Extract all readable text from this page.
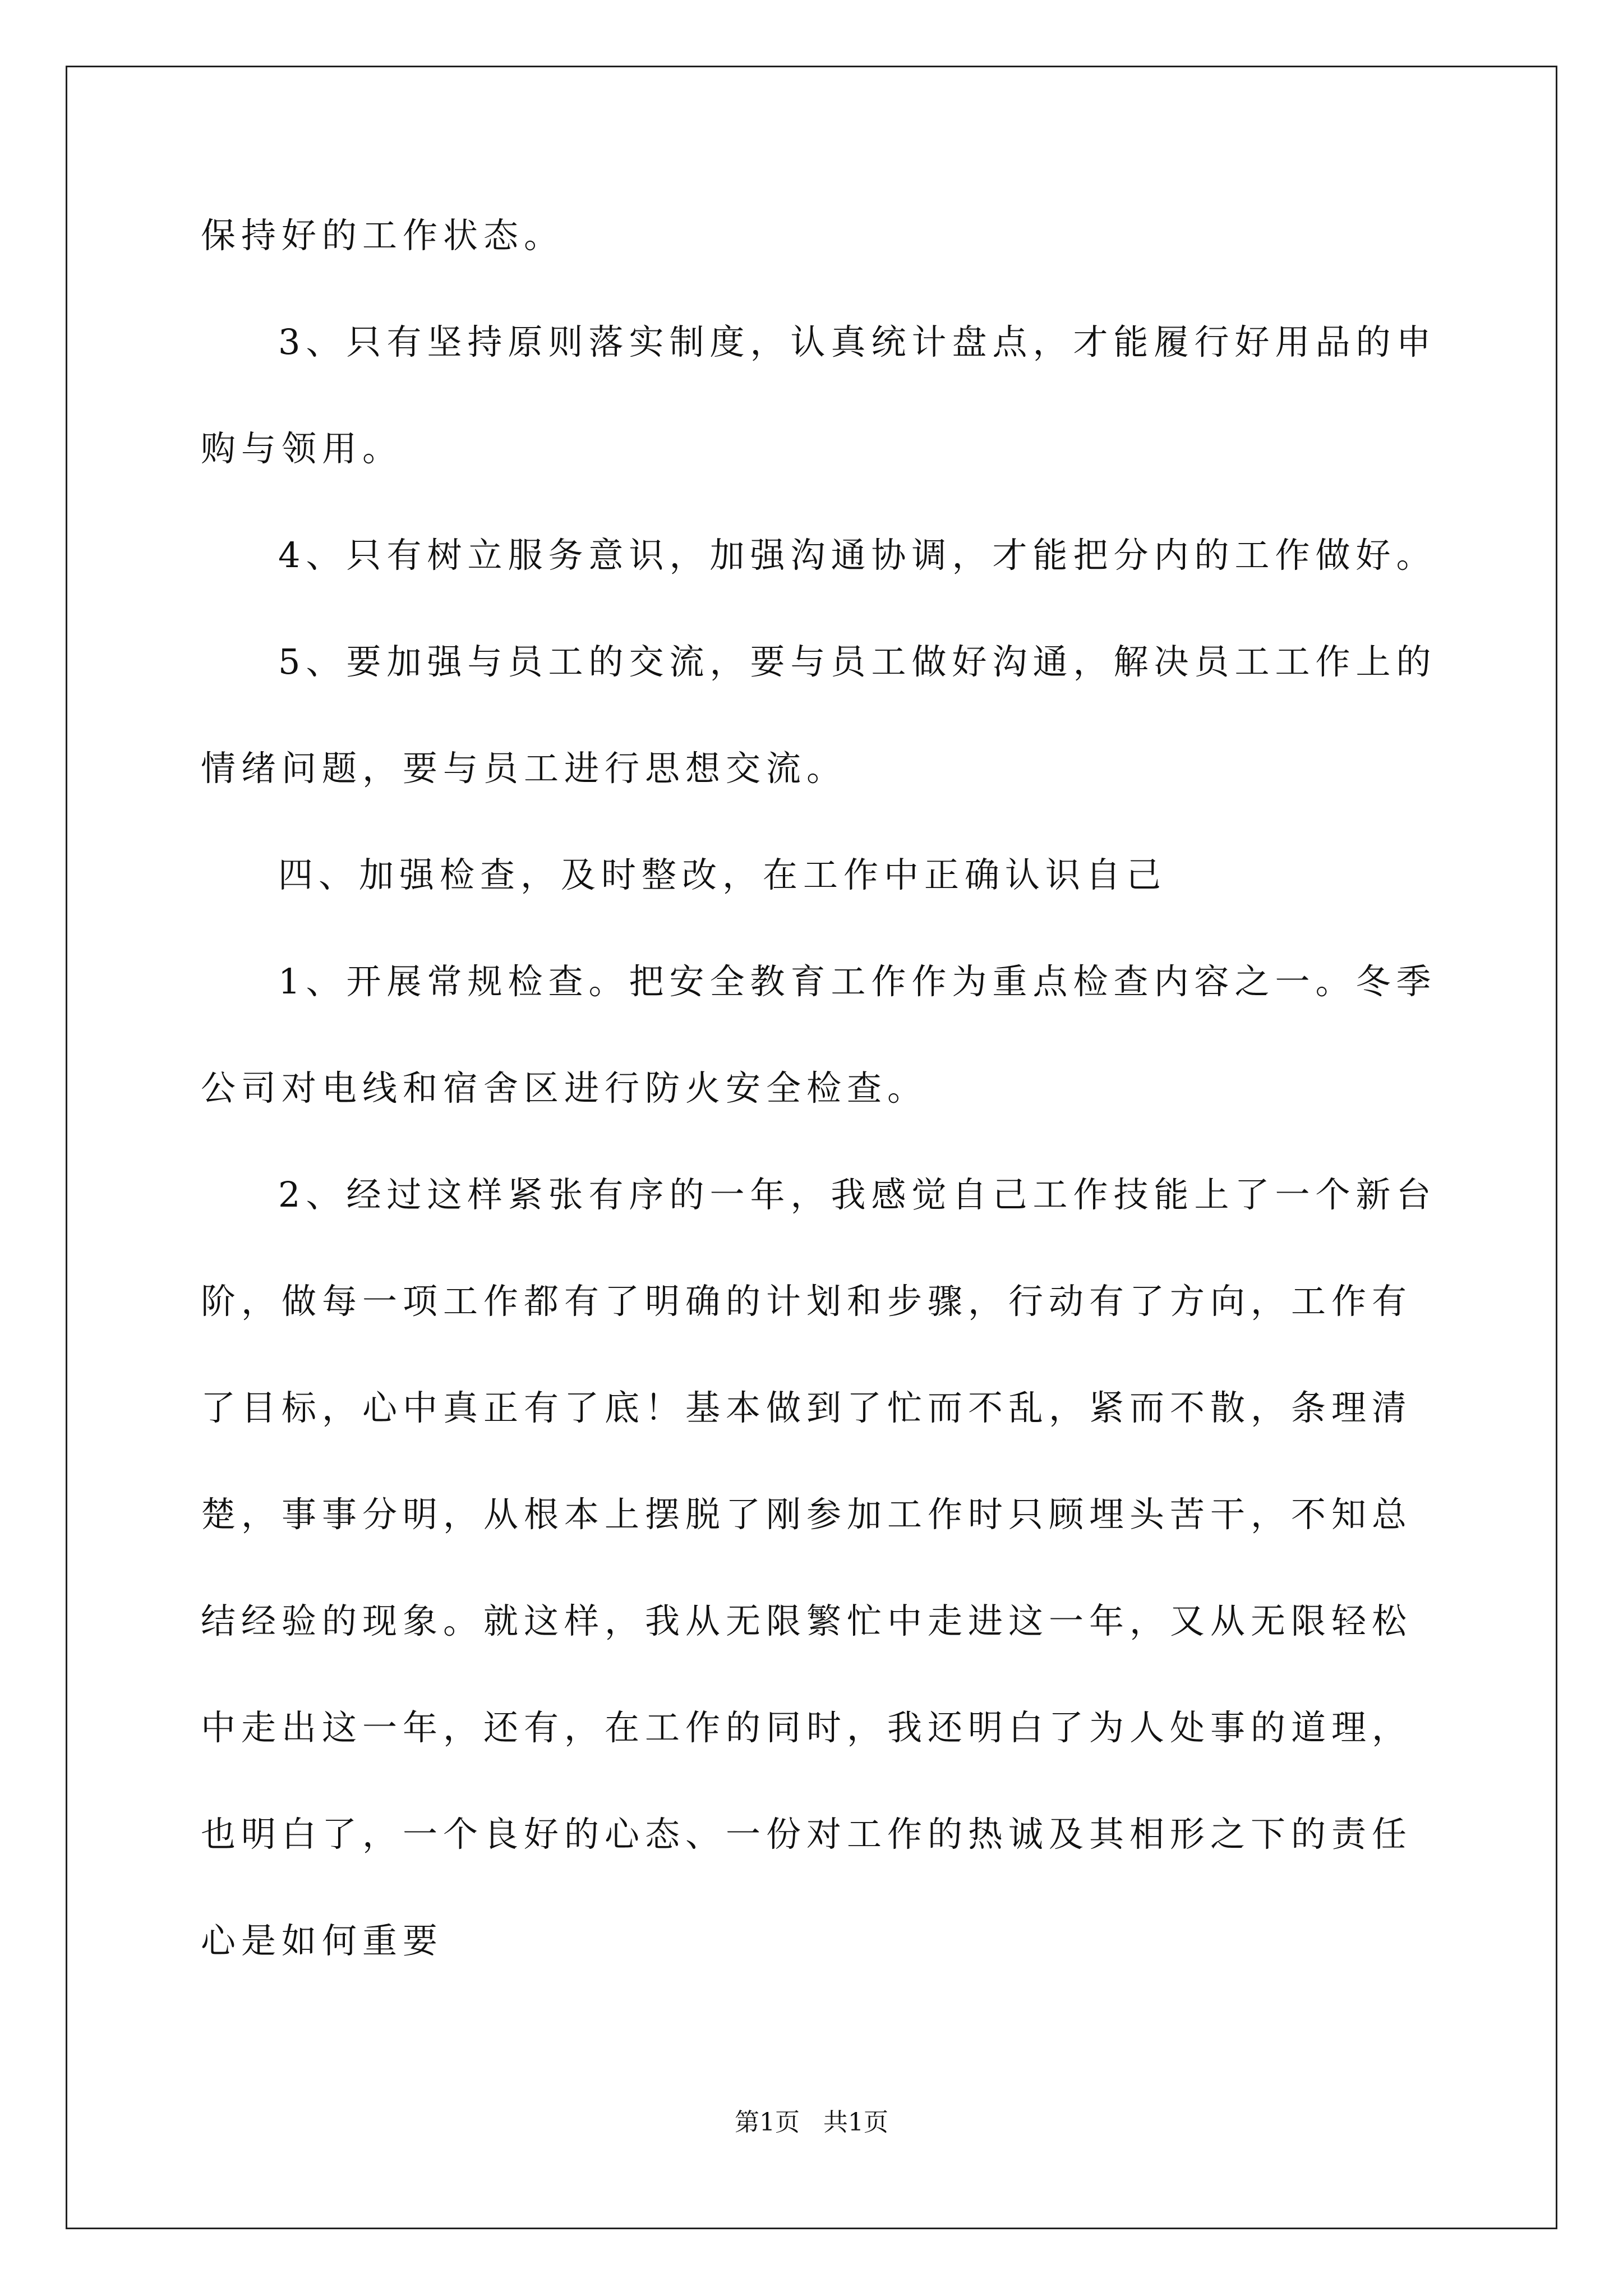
保持好的工作状态。
3、只有坚持原则落实制度，认真统计盘点，才能履行好用品的申
购与领用。
4、只有树立服务意识，加强沟通协调，才能把分内的工作做好。
5、要加强与员工的交流，要与员工做好沟通，解决员工工作上的
情绪问题，要与员工进行思想交流。
四、加强检查，及时整改，在工作中正确认识自己
1、开展常规检查。把安全教育工作作为重点检查内容之一。冬季
公司对电线和宿舍区进行防火安全检查。
2、经过这样紧张有序的一年，我感觉自己工作技能上了一个新台
阶，做每一项工作都有了明确的计划和步骤，行动有了方向，工作有
了目标，心中真正有了底！基本做到了忙而不乱，紧而不散，条理清
楚，事事分明，从根本上摆脱了刚参加工作时只顾埋头苦干，不知总
结经验的现象。就这样，我从无限繁忙中走进这一年，又从无限轻松
中走出这一年，还有，在工作的同时，我还明白了为人处事的道理，
也明白了，一个良好的心态、一份对工作的热诚及其相形之下的责任
心是如何重要
第1页   共1页
